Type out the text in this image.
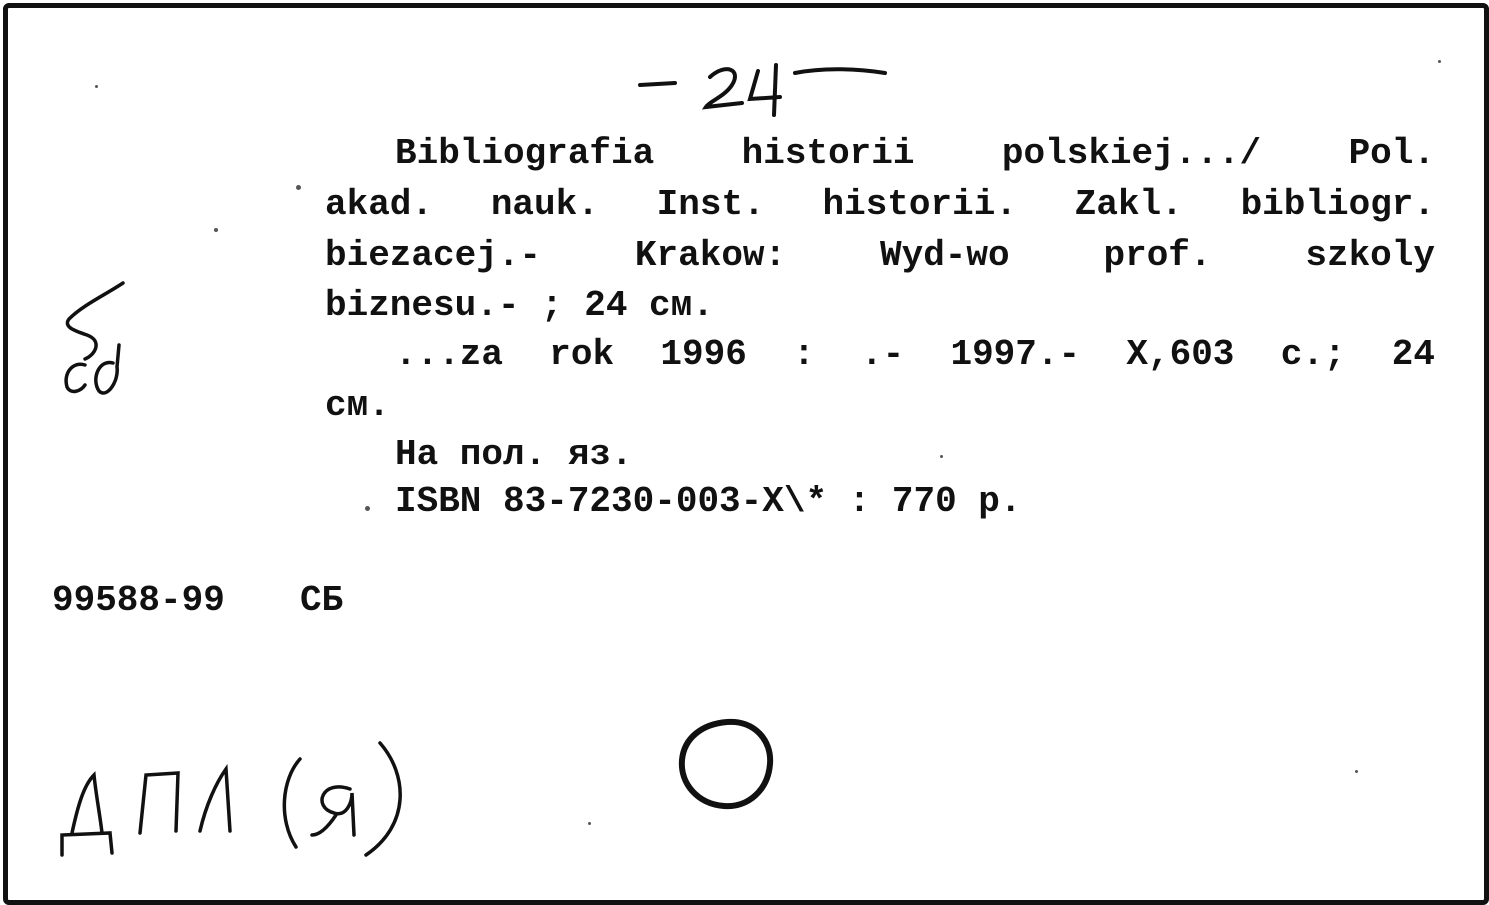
Bibliografia historii polskiej.../ Pol.
akad. nauk. Inst. historii. Zakl. bibliogr.
biezacej.- Krakow: Wyd-wo prof. szkoly
biznesu.- ; 24 см.
...za rok 1996 : .- 1997.- X,603 с.; 24
см.
На пол. яз.
ISBN 83-7230-003-X\* : 770 р.
99588-99 СБ
